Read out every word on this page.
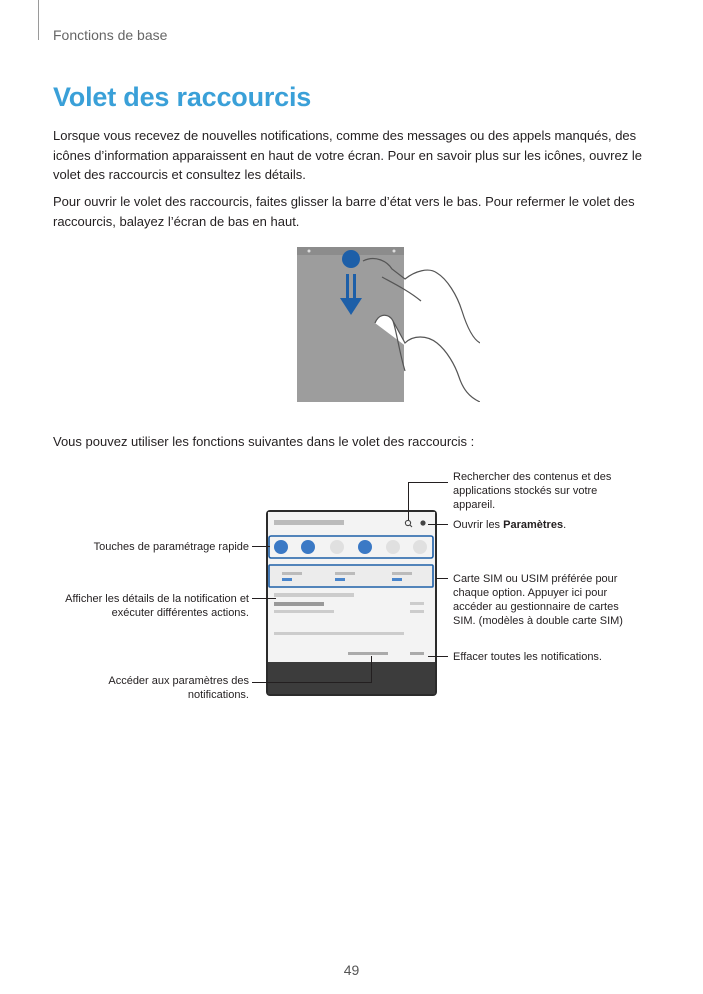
Fonctions de base
Volet des raccourcis

Lorsque vous recevez de nouvelles notifications, comme des messages ou des appels manqués, des icônes d’information apparaissent en haut de votre écran. Pour en savoir plus sur les icônes, ouvrez le volet des raccourcis et consultez les détails.

Pour ouvrir le volet des raccourcis, faites glisser la barre d’état vers le bas. Pour refermer le volet des raccourcis, balayez l’écran de bas en haut.

Vous pouvez utiliser les fonctions suivantes dans le volet des raccourcis :

Rechercher des contenus et des applications stockés sur votre appareil.
Ouvrir les Paramètres.
Carte SIM ou USIM préférée pour chaque option. Appuyer ici pour accéder au gestionnaire de cartes SIM. (modèles à double carte SIM)
Effacer toutes les notifications.
Touches de paramétrage rapide
Afficher les détails de la notification et exécuter différentes actions.
Accéder aux paramètres des notifications.
49
